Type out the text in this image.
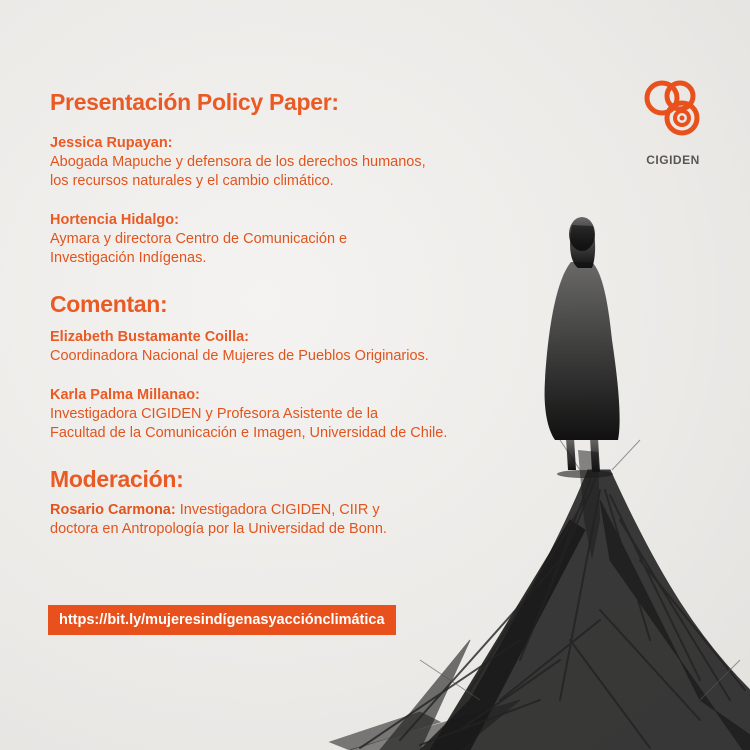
CIGIDEN
Presentación Policy Paper:

Jessica Rupayan:

Abogada Mapuche y defensora de los derechos humanos,

los recursos naturales y el cambio climático.

Hortencia Hidalgo:

Aymara y directora Centro de Comunicación e

Investigación Indígenas.

Comentan:

Elizabeth Bustamante Coilla:

Coordinadora Nacional de Mujeres de Pueblos Originarios.

Karla Palma Millanao:

Investigadora CIGIDEN y Profesora Asistente de la

Facultad de la Comunicación e Imagen, Universidad de Chile.

Moderación:

Rosario Carmona: Investigadora CIGIDEN, CIIR y

doctora en Antropología por la Universidad de Bonn.

https://bit.ly/mujeresindígenasyacciónclimática
